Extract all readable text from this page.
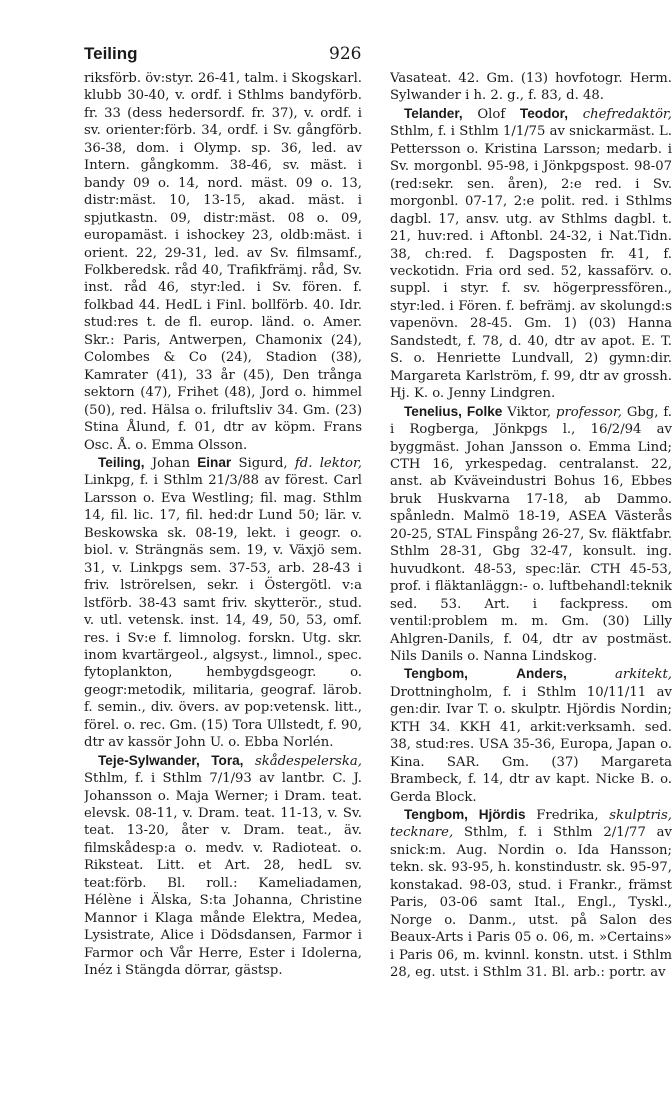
Teiling	926

riksförb. öv:styr. 26-41, talm. i Skogskarl. klubb 30-40, v. ordf. i Sthlms bandyförb. fr. 33 (dess hedersordf. fr. 37), v. ordf. i sv. orienter:förb. 34, ordf. i Sv. gångförb. 36-38, dom. i Olymp. sp. 36, led. av Intern. gångkomm. 38-46, sv. mäst. i bandy 09 o. 14, nord. mäst. 09 o. 13, distr:mäst. 10, 13-15, akad. mäst. i spjutkastn. 09, distr:mäst. 08 o. 09, europamäst. i ishockey 23, oldb:mäst. i orient. 22, 29-31, led. av Sv. filmsamf., Folkberedsk. råd 40, Trafikfrämj. råd, Sv. inst. råd 46, styr:led. i Sv. fören. f. folkbad 44. HedL i Finl. bollförb. 40. Idr. stud:res t. de fl. europ. länd. o. Amer. Skr.: Paris, Antwerpen, Chamonix (24), Colombes & Co (24), Stadion (38), Kamrater (41), 33 år (45), Den trånga sektorn (47), Frihet (48), Jord o. himmel (50), red. Hälsa o. friluftsliv 34. Gm. (23) Stina Ålund, f. 01, dtr av köpm. Frans Osc. Å. o. Emma Olsson.

Teiling, Johan Einar Sigurd, fd. lektor, Linkpg, f. i Sthlm 21/3/88 av förest. Carl Larsson o. Eva Westling; fil. mag. Sthlm 14, fil. lic. 17, fil. hed:dr Lund 50; lär. v. Beskowska sk. 08-19, lekt. i geogr. o. biol. v. Strängnäs sem. 19, v. Växjö sem. 31, v. Linkpgs sem. 37-53, arb. 28-43 i friv. lströrelsen, sekr. i Östergötl. v:a lstförb. 38-43 samt friv. skytterör., stud. v. utl. vetensk. inst. 14, 49, 50, 53, omf. res. i Sv:e f. limnolog. forskn. Utg. skr. inom kvartärgeol., algsyst., limnol., spec. fytoplankton, hembygdsgeogr. o. geogr:metodik, militaria, geograf. lärob. f. semin., div. övers. av pop:vetensk. litt., förel. o. rec. Gm. (15) Tora Ullstedt, f. 90, dtr av kassör John U. o. Ebba Norlén.

Teje-Sylwander, Tora, skådespelerska, Sthlm, f. i Sthlm 7/1/93 av lantbr. C. J. Johansson o. Maja Werner; i Dram. teat. elevsk. 08-11, v. Dram. teat. 11-13, v. Sv. teat. 13-20, åter v. Dram. teat., äv. filmskådesp:a o. medv. v. Radioteat. o. Riksteat. Litt. et Art. 28, hedL sv. teat:förb. Bl. roll.: Kameliadamen, Hélène i Älska, S:ta Johanna, Christine Mannor i Klaga månde Elektra, Medea, Lysistrate, Alice i Dödsdansen, Farmor i Farmor och Vår Herre, Ester i Idolerna, Inéz i Stängda dörrar, gästsp.

Vasateat. 42. Gm. (13) hovfotogr. Herm. Sylwander i h. 2. g., f. 83, d. 48.

Telander, Olof Teodor, chefredaktör, Sthlm, f. i Sthlm 1/1/75 av snickarmäst. L. Pettersson o. Kristina Larsson; medarb. i Sv. morgonbl. 95-98, i Jönkpgspost. 98-07 (red:sekr. sen. åren), 2:e red. i Sv. morgonbl. 07-17, 2:e polit. red. i Sthlms dagbl. 17, ansv. utg. av Sthlms dagbl. t. 21, huv:red. i Aftonbl. 24-32, i Nat.Tidn. 38, ch:red. f. Dagsposten fr. 41, f. veckotidn. Fria ord sed. 52, kassaförv. o. suppl. i styr. f. sv. högerpressfören., styr:led. i Fören. f. befrämj. av skolungd:s vapenövn. 28-45. Gm. 1) (03) Hanna Sandstedt, f. 78, d. 40, dtr av apot. E. T. S. o. Henriette Lundvall, 2) gymn:dir. Margareta Karlström, f. 99, dtr av grossh. Hj. K. o. Jenny Lindgren.

Tenelius, Folke Viktor, professor, Gbg, f. i Rogberga, Jönkpgs l., 16/2/94 av byggmäst. Johan Jansson o. Emma Lind; CTH 16, yrkespedag. centralanst. 22, anst. ab Kväveindustri Bohus 16, Ebbes bruk Huskvarna 17-18, ab Dammo. spånledn. Malmö 18-19, ASEA Västerås 20-25, STAL Finspång 26-27, Sv. fläktfabr. Sthlm 28-31, Gbg 32-47, konsult. ing. huvudkont. 48-53, spec:lär. CTH 45-53, prof. i fläktanläggn:- o. luftbehandl:teknik sed. 53. Art. i fackpress. om ventil:problem m. m. Gm. (30) Lilly Ahlgren-Danils, f. 04, dtr av postmäst. Nils Danils o. Nanna Lindskog.

Tengbom,	Anders,	arkitekt, Drottningholm, f. i Sthlm 10/11/11 av gen:dir. Ivar T. o. skulptr. Hjördis Nordin; KTH 34. KKH 41, arkit:verksamh. sed. 38, stud:res. USA 35-36, Europa, Japan o. Kina. SAR. Gm. (37) Margareta Brambeck, f. 14, dtr av kapt. Nicke B. o. Gerda Block.

Tengbom, Hjördis Fredrika, skulptris, tecknare, Sthlm, f. i Sthlm 2/1/77 av snick:m. Aug. Nordin o. Ida Hansson; tekn. sk. 93-95, h. konstindustr. sk. 95-97, konstakad. 98-03, stud. i Frankr., främst Paris, 03-06 samt Ital., Engl., Tyskl., Norge o. Danm., utst. på Salon des Beaux-Arts i Paris 05 o. 06, m. »Certains» i Paris 06, m. kvinnl. konstn. utst. i Sthlm 28, eg. utst. i Sthlm 31. Bl. arb.: portr. av
